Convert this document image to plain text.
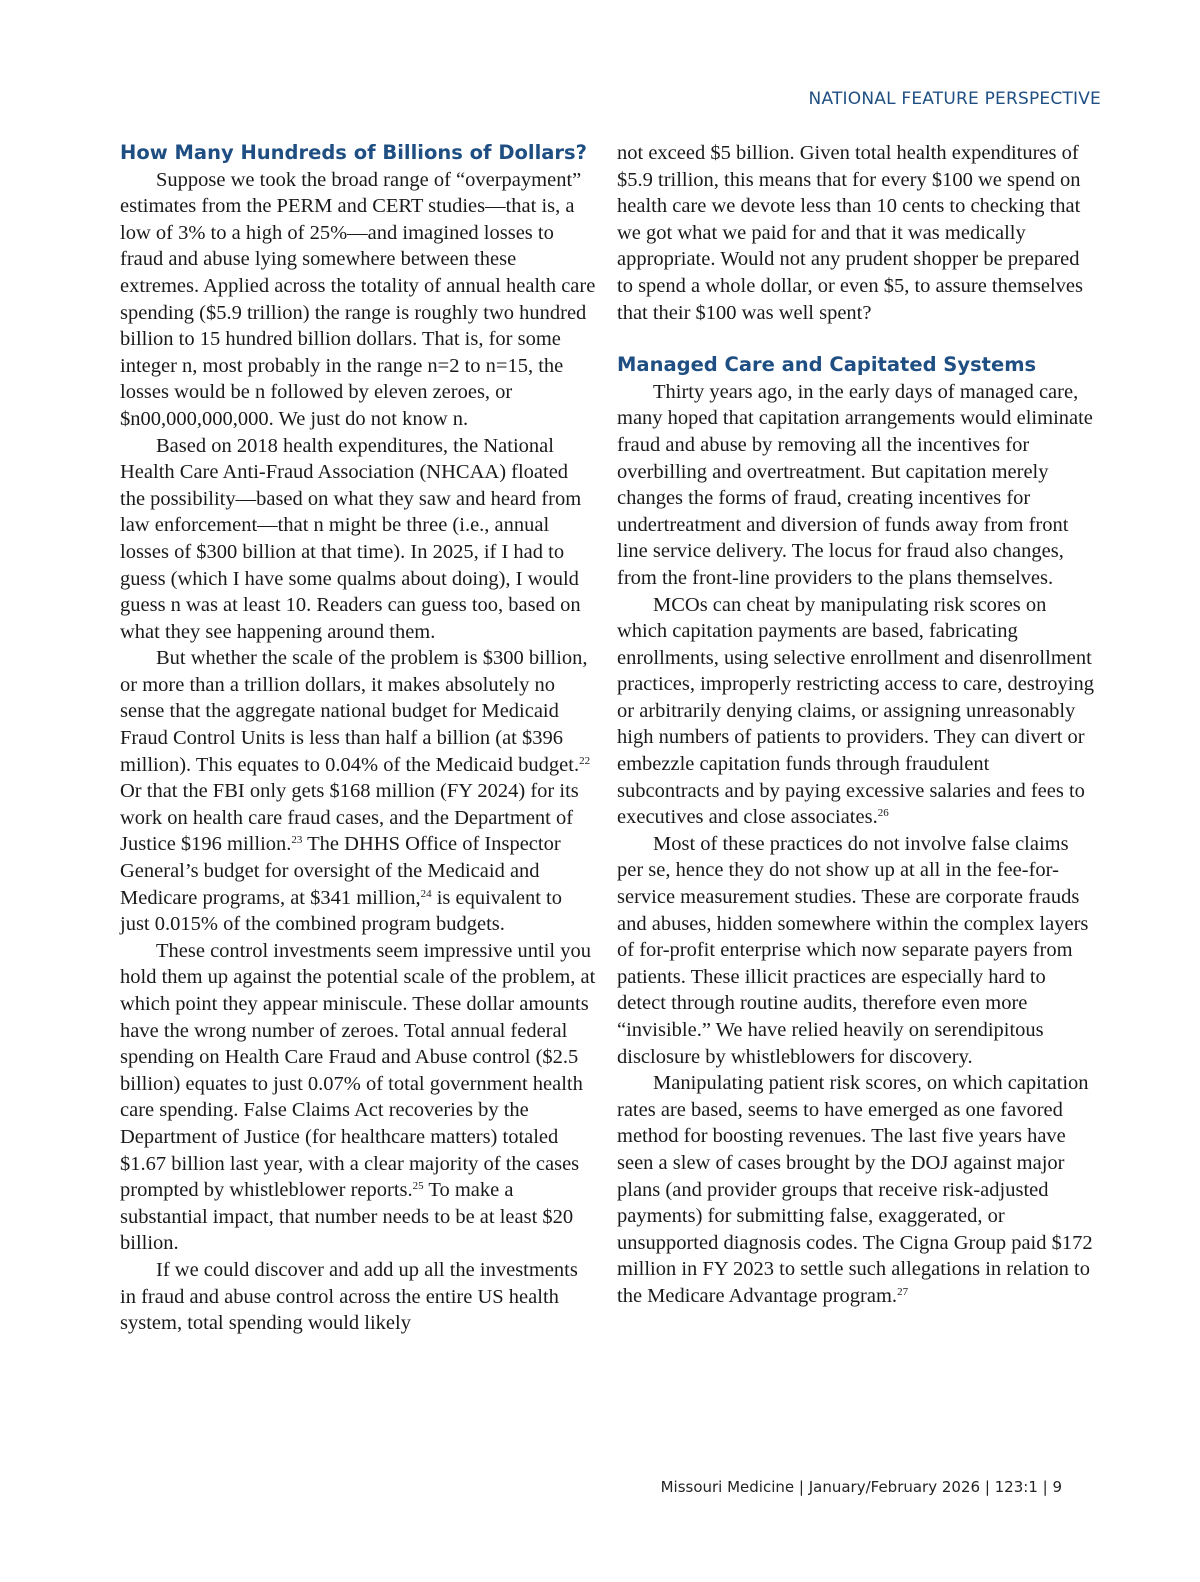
NATIONAL FEATURE PERSPECTIVE
How Many Hundreds of Billions of Dollars?

Suppose we took the broad range of “overpayment” estimates from the PERM and CERT studies—that is, a low of 3% to a high of 25%—and imagined losses to fraud and abuse lying somewhere between these extremes. Applied across the totality of annual health care spending ($5.9 trillion) the range is roughly two hundred billion to 15 hundred billion dollars. That is, for some integer n, most probably in the range n=2 to n=15, the losses would be n followed by eleven zeroes, or $n00,000,000,000. We just do not know n.

Based on 2018 health expenditures, the National Health Care Anti-Fraud Association (NHCAA) floated the possibility—based on what they saw and heard from law enforcement—that n might be three (i.e., annual losses of $300 billion at that time). In 2025, if I had to guess (which I have some qualms about doing), I would guess n was at least 10. Readers can guess too, based on what they see happening around them.

But whether the scale of the problem is $300 billion, or more than a trillion dollars, it makes absolutely no sense that the aggregate national budget for Medicaid Fraud Control Units is less than half a billion (at $396 million). This equates to 0.04% of the Medicaid budget.$^{22}$ Or that the FBI only gets $168 million (FY 2024) for its work on health care fraud cases, and the Department of Justice $196 million.$^{23}$ The DHHS Office of Inspector General’s budget for oversight of the Medicaid and Medicare programs, at $341 million,$^{24}$ is equivalent to just 0.015% of the combined program budgets.

These control investments seem impressive until you hold them up against the potential scale of the problem, at which point they appear miniscule. These dollar amounts have the wrong number of zeroes. Total annual federal spending on Health Care Fraud and Abuse control ($2.5 billion) equates to just 0.07% of total government health care spending. False Claims Act recoveries by the Department of Justice (for healthcare matters) totaled $1.67 billion last year, with a clear majority of the cases prompted by whistleblower reports.$^{25}$ To make a substantial impact, that number needs to be at least $20 billion.

If we could discover and add up all the investments in fraud and abuse control across the entire US health system, total spending would likely

not exceed $5 billion. Given total health expenditures of $5.9 trillion, this means that for every $100 we spend on health care we devote less than 10 cents to checking that we got what we paid for and that it was medically appropriate. Would not any prudent shopper be prepared to spend a whole dollar, or even $5, to assure themselves that their $100 was well spent?

Managed Care and Capitated Systems

Thirty years ago, in the early days of managed care, many hoped that capitation arrangements would eliminate fraud and abuse by removing all the incentives for overbilling and overtreatment. But capitation merely changes the forms of fraud, creating incentives for undertreatment and diversion of funds away from front line service delivery. The locus for fraud also changes, from the front-line providers to the plans themselves.

MCOs can cheat by manipulating risk scores on which capitation payments are based, fabricating enrollments, using selective enrollment and disenrollment practices, improperly restricting access to care, destroying or arbitrarily denying claims, or assigning unreasonably high numbers of patients to providers. They can divert or embezzle capitation funds through fraudulent subcontracts and by paying excessive salaries and fees to executives and close associates.$^{26}$

Most of these practices do not involve false claims per se, hence they do not show up at all in the fee-for-service measurement studies. These are corporate frauds and abuses, hidden somewhere within the complex layers of for-profit enterprise which now separate payers from patients. These illicit practices are especially hard to detect through routine audits, therefore even more “invisible.” We have relied heavily on serendipitous disclosure by whistleblowers for discovery.

Manipulating patient risk scores, on which capitation rates are based, seems to have emerged as one favored method for boosting revenues. The last five years have seen a slew of cases brought by the DOJ against major plans (and provider groups that receive risk-adjusted payments) for submitting false, exaggerated, or unsupported diagnosis codes. The Cigna Group paid $172 million in FY 2023 to settle such allegations in relation to the Medicare Advantage program.$^{27}$

Missouri Medicine | January/February 2026 | 123:1 | 9
